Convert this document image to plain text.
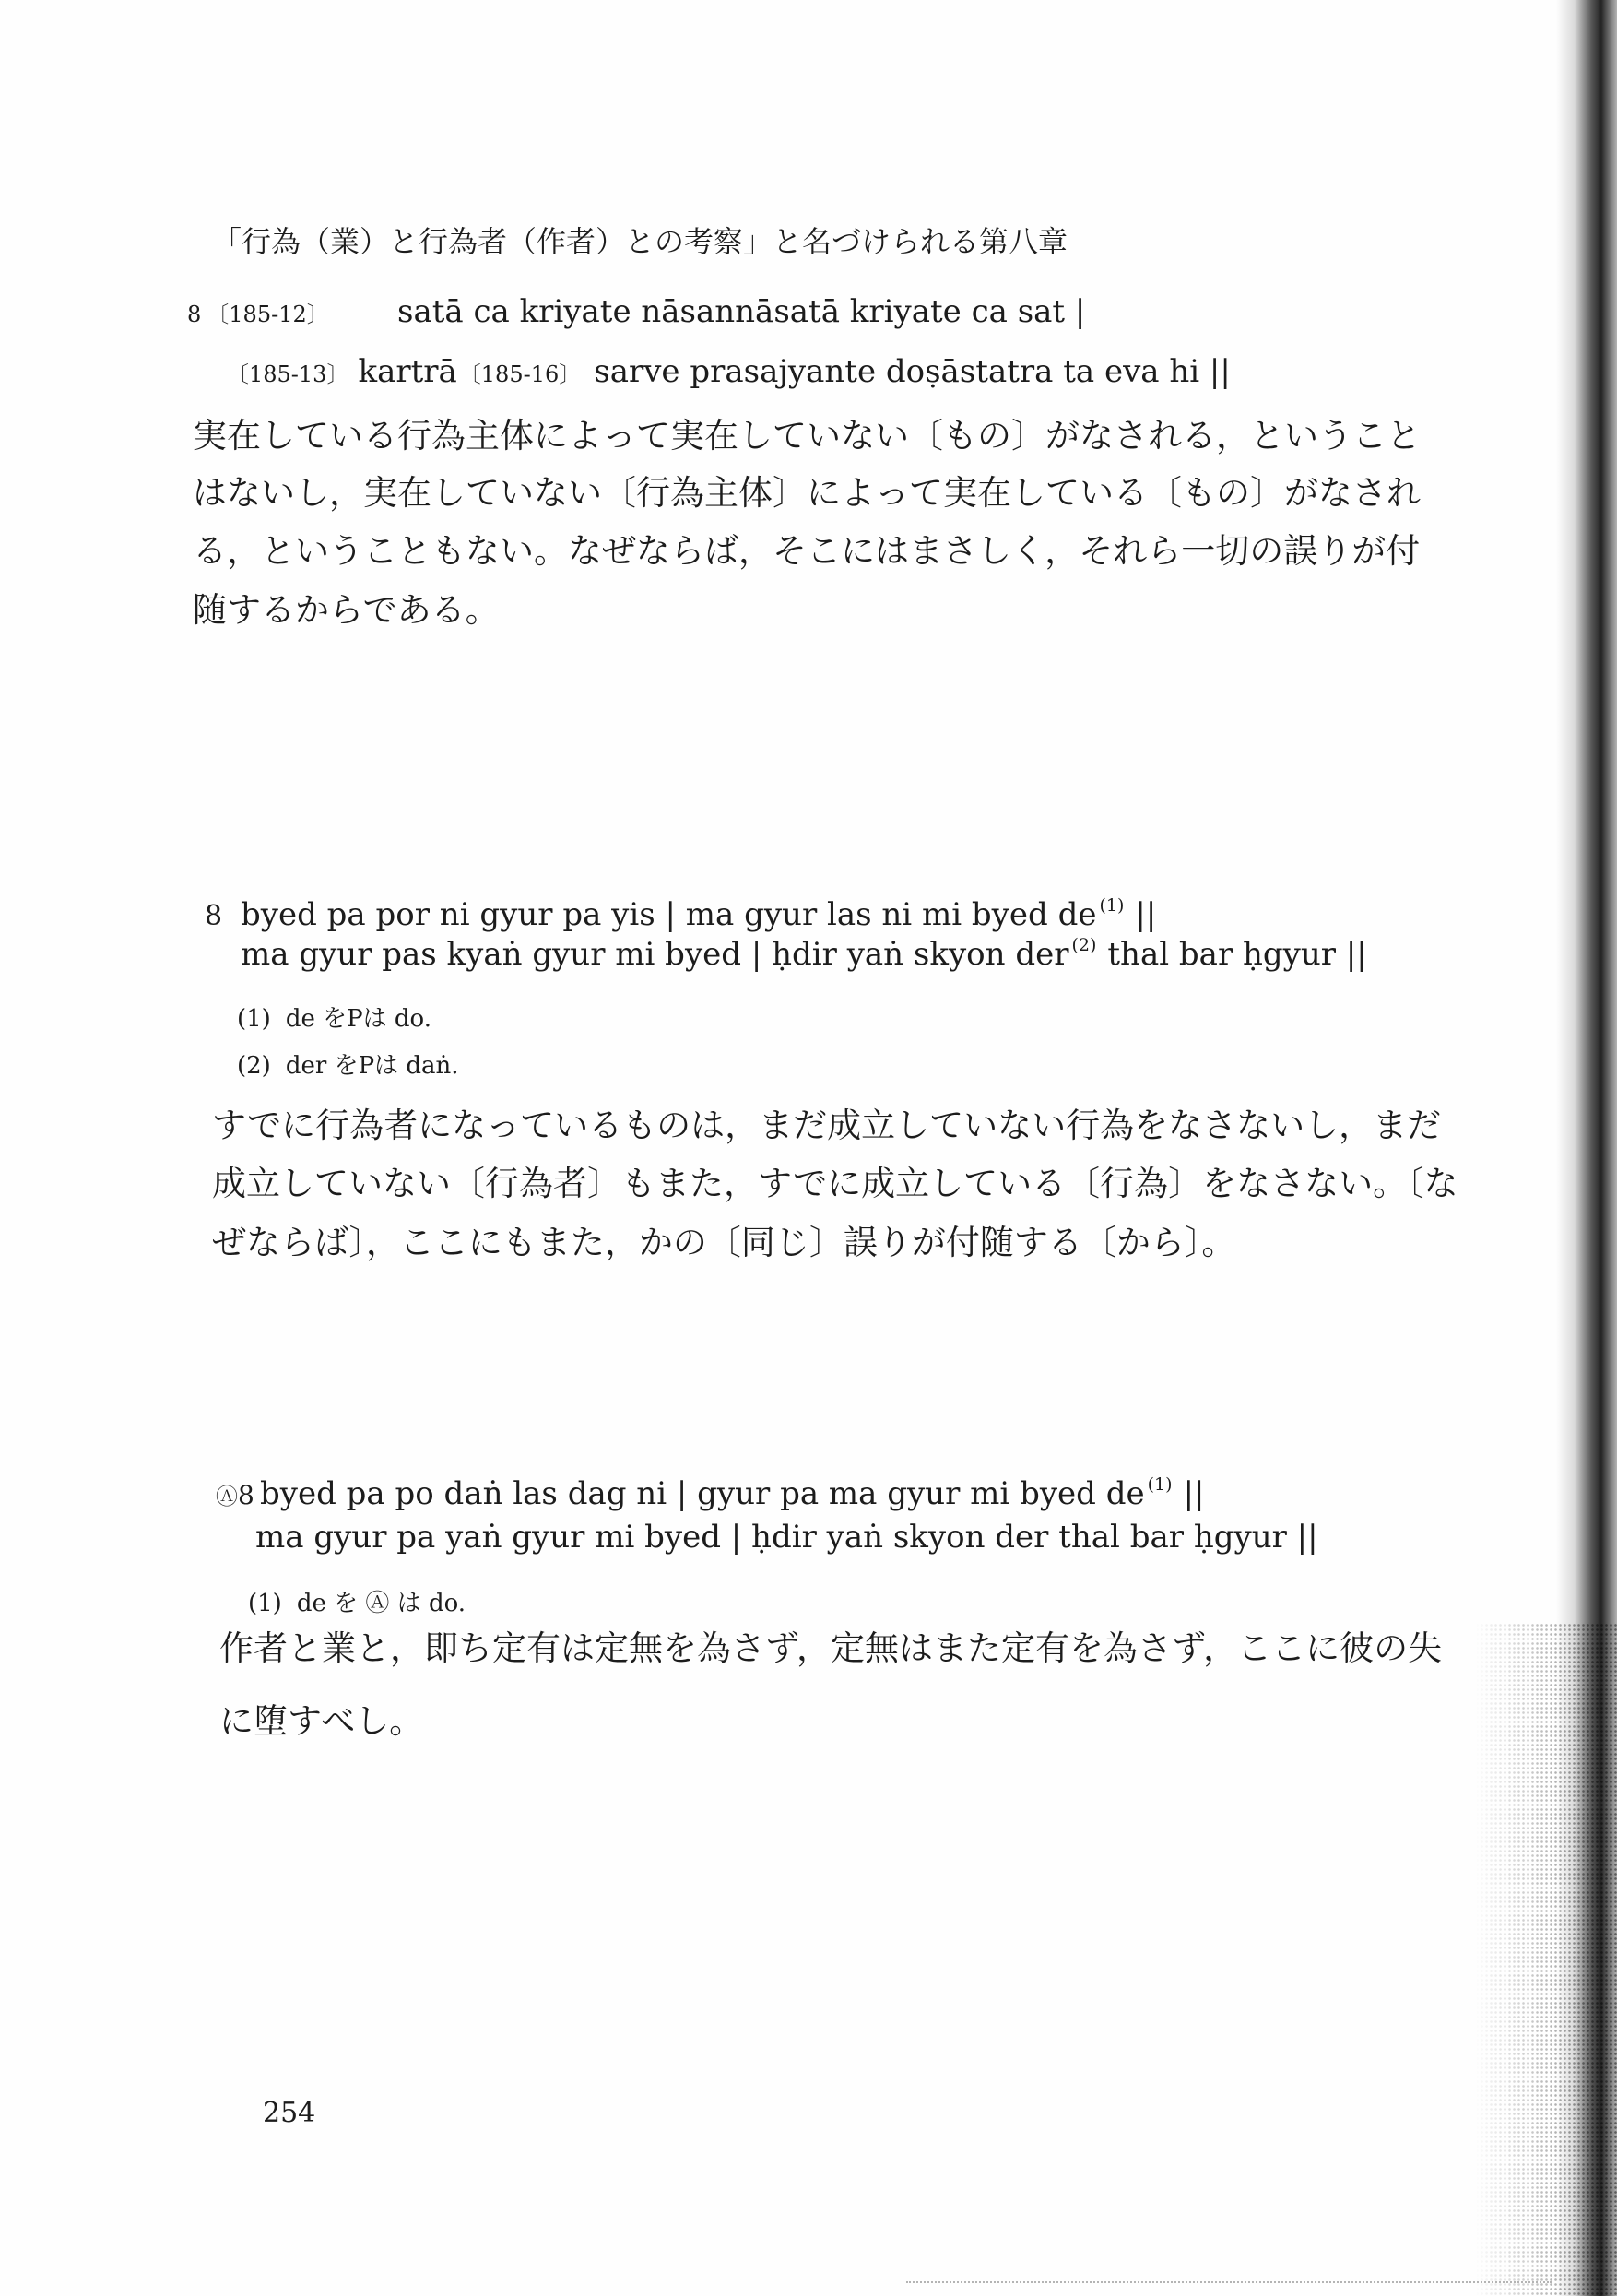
「行為（業）と行為者（作者）との考察」と名づけられる第八章
8 〔185-12〕 satā ca kriyate nāsannāsatā kriyate ca sat |
〔185-13〕 kartrā〔185-16〕 sarve prasajyante doṣāstatra ta eva hi ||
実在している行為主体によって実在していない〔もの〕がなされる，ということ
はないし，実在していない〔行為主体〕によって実在している〔もの〕がなされ
る，ということもない。なぜならば，そこにはまさしく，それら一切の誤りが付
随するからである。
8 byed pa por ni gyur pa yis | ma gyur las ni mi byed de $^{(1)}$ ||
ma gyur pas kyaṅ gyur mi byed | ḥdir yaṅ skyon der $^{(2)}$ thal bar ḥgyur ||
(1) de をPは do.
(2) der をPは daṅ.
すでに行為者になっているものは，まだ成立していない行為をなさないし，まだ
成立していない〔行為者〕もまた，すでに成立している〔行為〕をなさない。〔な
ぜならば〕，ここにもまた，かの〔同じ〕誤りが付随する〔から〕。
Ⓐ8 byed pa po daṅ las dag ni | gyur pa ma gyur mi byed de $^{(1)}$ ||
ma gyur pa yaṅ gyur mi byed | ḥdir yaṅ skyon der thal bar ḥgyur ||
(1) de を Ⓐ は do.
作者と業と，即ち定有は定無を為さず，定無はまた定有を為さず，ここに彼の失
に堕すべし。
254
